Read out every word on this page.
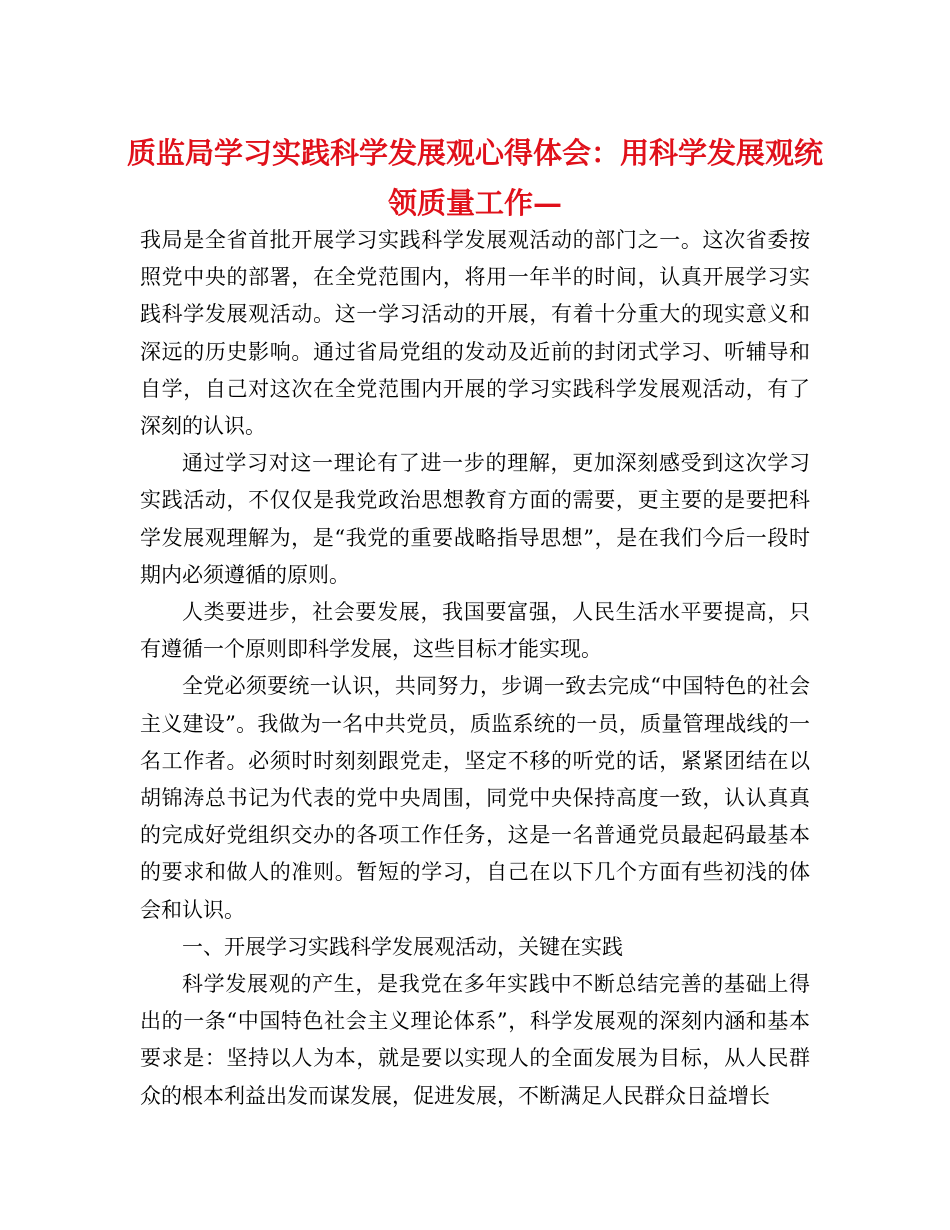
质监局学习实践科学发展观心得体会：用科学发展观统领质量工作—

我局是全省首批开展学习实践科学发展观活动的部门之一。这次省委按照党中央的部署，在全党范围内，将用一年半的时间，认真开展学习实践科学发展观活动。这一学习活动的开展，有着十分重大的现实意义和深远的历史影响。通过省局党组的发动及近前的封闭式学习、听辅导和自学，自己对这次在全党范围内开展的学习实践科学发展观活动，有了深刻的认识。

通过学习对这一理论有了进一步的理解，更加深刻感受到这次学习实践活动，不仅仅是我党政治思想教育方面的需要，更主要的是要把科学发展观理解为，是“我党的重要战略指导思想”，是在我们今后一段时期内必须遵循的原则。

人类要进步，社会要发展，我国要富强，人民生活水平要提高，只有遵循一个原则即科学发展，这些目标才能实现。

全党必须要统一认识，共同努力，步调一致去完成“中国特色的社会主义建设”。我做为一名中共党员，质监系统的一员，质量管理战线的一名工作者。必须时时刻刻跟党走，坚定不移的听党的话，紧紧团结在以胡锦涛总书记为代表的党中央周围，同党中央保持高度一致，认认真真的完成好党组织交办的各项工作任务，这是一名普通党员最起码最基本的要求和做人的准则。暂短的学习，自己在以下几个方面有些初浅的体会和认识。

一、开展学习实践科学发展观活动，关键在实践

科学发展观的产生，是我党在多年实践中不断总结完善的基础上得出的一条“中国特色社会主义理论体系”，科学发展观的深刻内涵和基本要求是：坚持以人为本，就是要以实现人的全面发展为目标，从人民群众的根本利益出发而谋发展，促进发展，不断满足人民群众日益增长
